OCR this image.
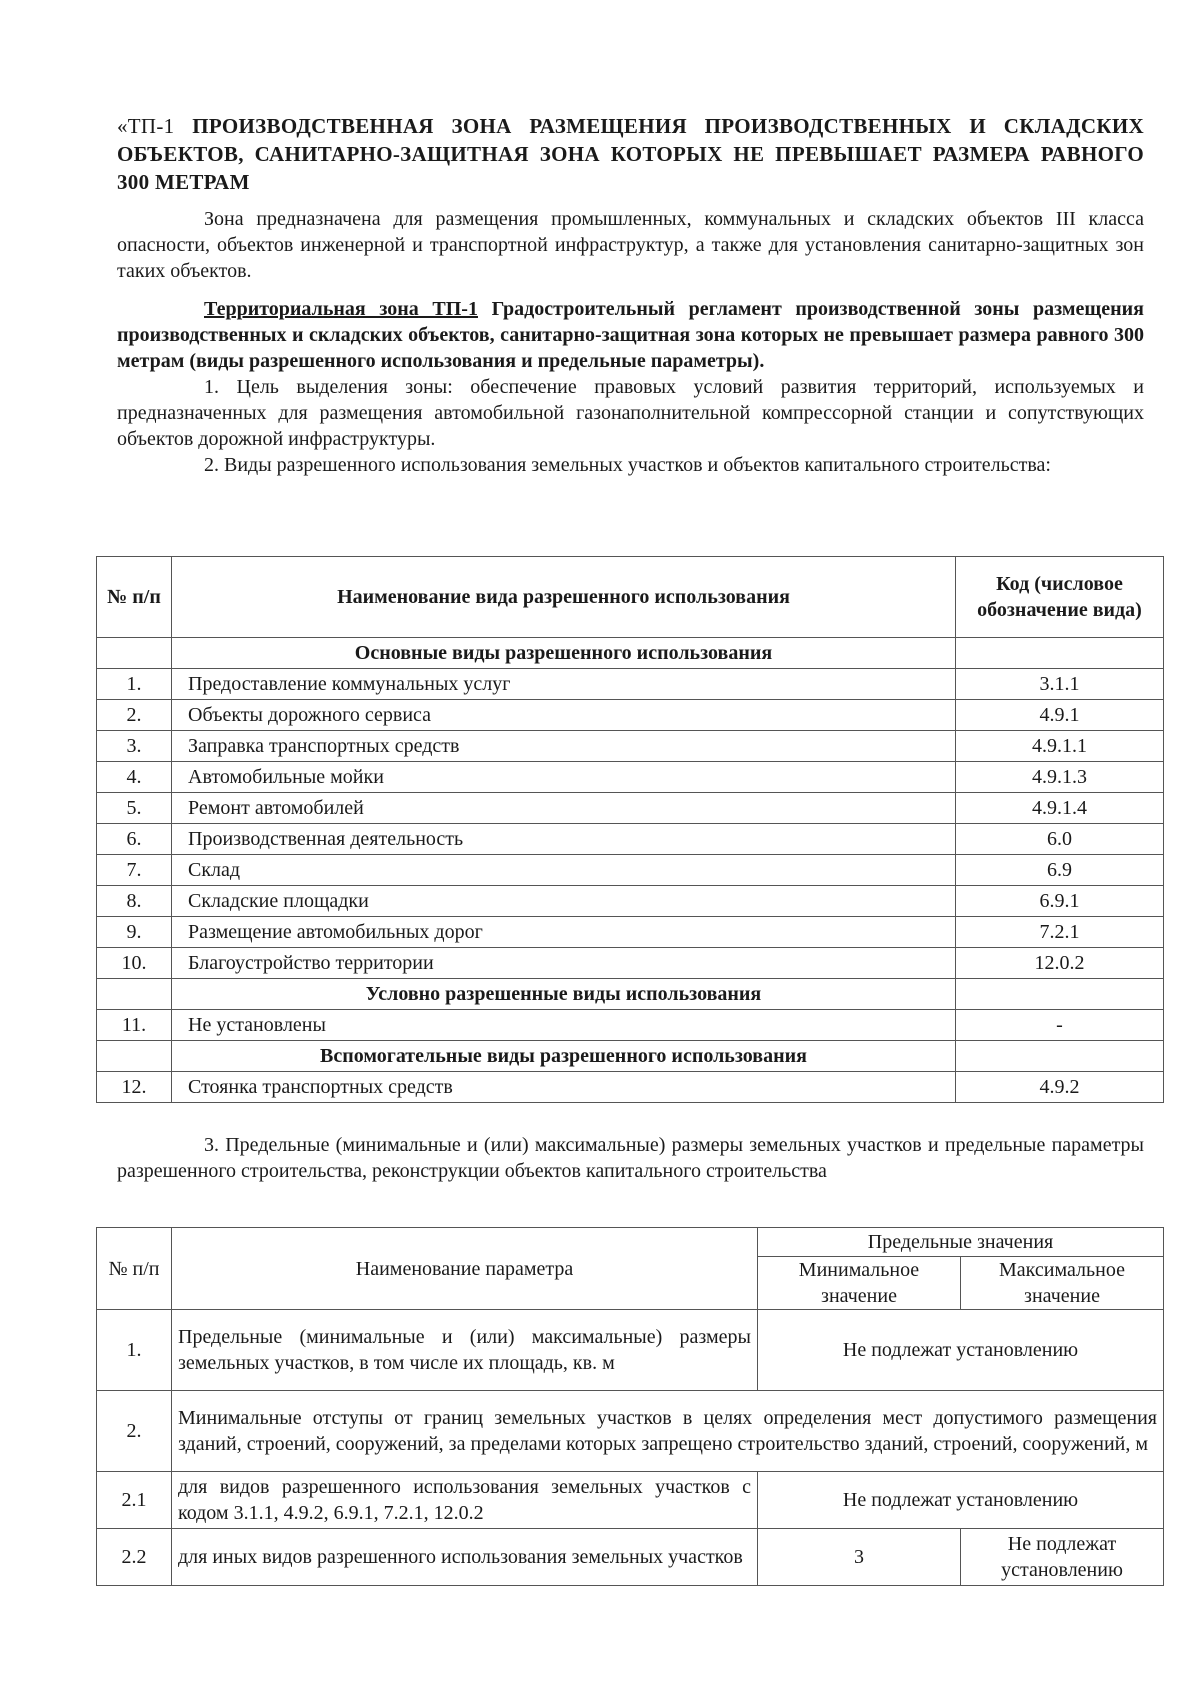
«ТП-1 ПРОИЗВОДСТВЕННАЯ ЗОНА РАЗМЕЩЕНИЯ ПРОИЗВОДСТВЕННЫХ И СКЛАДСКИХ ОБЪЕКТОВ, САНИТАРНО-ЗАЩИТНАЯ ЗОНА КОТОРЫХ НЕ ПРЕВЫШАЕТ РАЗМЕРА РАВНОГО 300 МЕТРАМ

Зона предназначена для размещения промышленных, коммунальных и складских объектов III класса опасности, объектов инженерной и транспортной инфраструктур, а также для установления санитарно-защитных зон таких объектов.

Территориальная зона ТП-1 Градостроительный регламент производственной зоны размещения производственных и складских объектов, санитарно-защитная зона которых не превышает размера равного 300 метрам (виды разрешенного использования и предельные параметры).

1. Цель выделения зоны: обеспечение правовых условий развития территорий, используемых и предназначенных для размещения автомобильной газонаполнительной компрессорной станции и сопутствующих объектов дорожной инфраструктуры.

2. Виды разрешенного использования земельных участков и объектов капитального строительства:

№ п/п	Наименование вида разрешенного использования	Код (числовое обозначение вида)
	Основные виды разрешенного использования	
1.	Предоставление коммунальных услуг	3.1.1
2.	Объекты дорожного сервиса	4.9.1
3.	Заправка транспортных средств	4.9.1.1
4.	Автомобильные мойки	4.9.1.3
5.	Ремонт автомобилей	4.9.1.4
6.	Производственная деятельность	6.0
7.	Склад	6.9
8.	Складские площадки	6.9.1
9.	Размещение автомобильных дорог	7.2.1
10.	Благоустройство территории	12.0.2
	Условно разрешенные виды использования	
11.	Не установлены	-
	Вспомогательные виды разрешенного использования	
12.	Стоянка транспортных средств	4.9.2

3. Предельные (минимальные и (или) максимальные) размеры земельных участков и предельные параметры разрешенного строительства, реконструкции объектов капитального строительства

№ п/п	Наименование параметра	Предельные значения	
		Минимальное значение	Максимальное значение
1.	Предельные (минимальные и (или) максимальные) размеры земельных участков, в том числе их площадь, кв. м	Не подлежат установлению	
2.	Минимальные отступы от границ земельных участков в целях определения мест допустимого размещения зданий, строений, сооружений, за пределами которых запрещено строительство зданий, строений, сооружений, м		
2.1	для видов разрешенного использования земельных участков с кодом 3.1.1, 4.9.2, 6.9.1, 7.2.1, 12.0.2	Не подлежат установлению	
2.2	для иных видов разрешенного использования земельных участков	3	Не подлежат установлению
